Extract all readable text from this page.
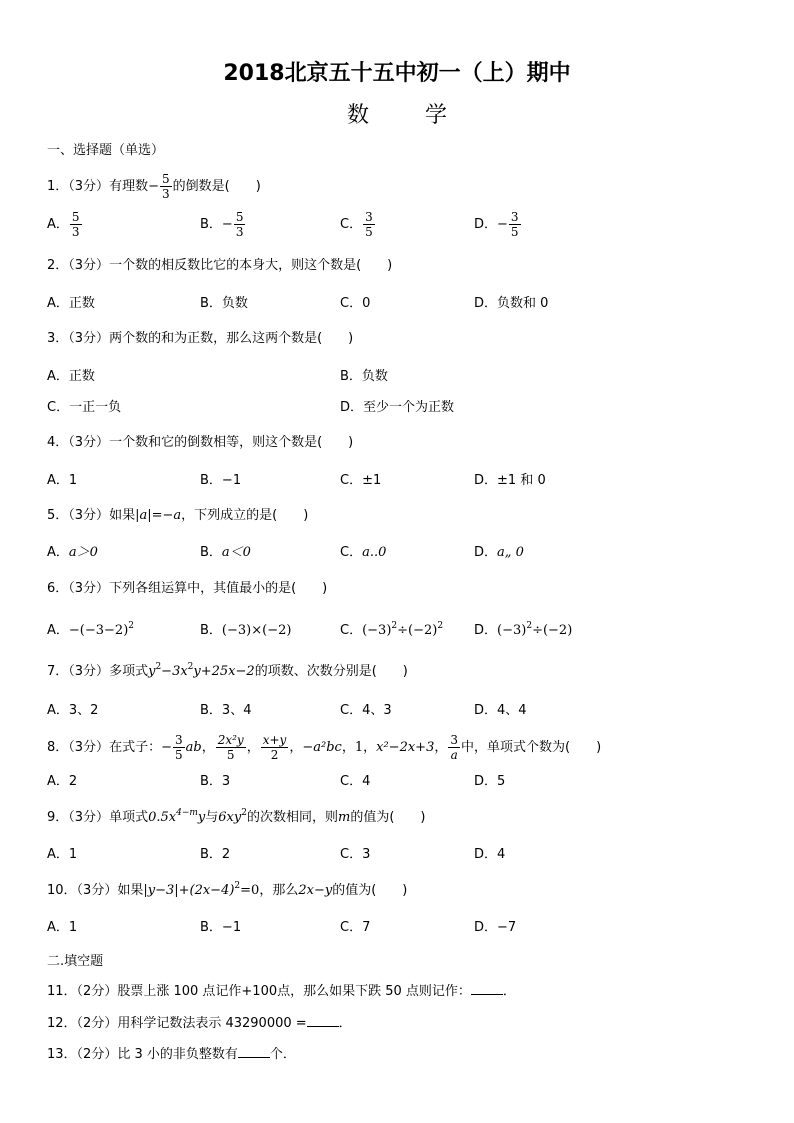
2018北京五十五中初一（上）期中
数	学
一、选择题（单选）
1．（3分）有理数− $\frac{5}{3}$ 的倒数是(　　)
A． $\frac{5}{3}$	B．− $\frac{5}{3}$	C． $\frac{3}{5}$	D．− $\frac{3}{5}$
2．（3分）一个数的相反数比它的本身大，则这个数是(　　)
A．正数	B．负数	C．0	D．负数和 0
3．（3分）两个数的和为正数，那么这两个数是(　　)
A．正数	B．负数
C．一正一负	D．至少一个为正数
4．（3分）一个数和它的倒数相等，则这个数是(　　)
A．1	B．−1	C．±1	D．±1 和 0
5．（3分）如果|a|=−a，下列成立的是(　　)
A．a＞0	B．a＜0	C．a..0	D．a„ 0
6．（3分）下列各组运算中，其值最小的是(　　)
A．$-(-3-2)^2$	B．(−3)×(−2)	C．$(-3)^2\div(-2)^2$ D．$(-3)^2\div(-2)$
7．（3分）多项式$y^2-3x^2y+25x-2$的项数、次数分别是(　　)
A．3、2	B．3、4	C．4、3	D．4、4
8．（3分）在式子：− $\frac{3}{5}$ ab， $\frac{\text{2x²y}}{5}$ ， $\frac{x+y}{2}$ ，−a²bc，1，x²−2x+3， $\frac{3}{a}$ 中，单项式个数为(　　)
A．2	B．3	C．4	D．5
9．（3分）单项式$0.5x^{4-m}y$与$6xy^2$的次数相同，则m的值为(　　)
A．1	B．2	C．3	D．4
10．（3分）如果$|y-3|+(2x-4)^2=0$，那么2x−y的值为(　　)
A．1	B．−1	C．7	D．−7
二.填空题
11．（2分）股票上涨 100 点记作+100点，那么如果下跌 50 点则记作： ．
12．（2分）用科学记数法表示 43290000 = ．
13．（2分）比 3 小的非负整数有 个．
